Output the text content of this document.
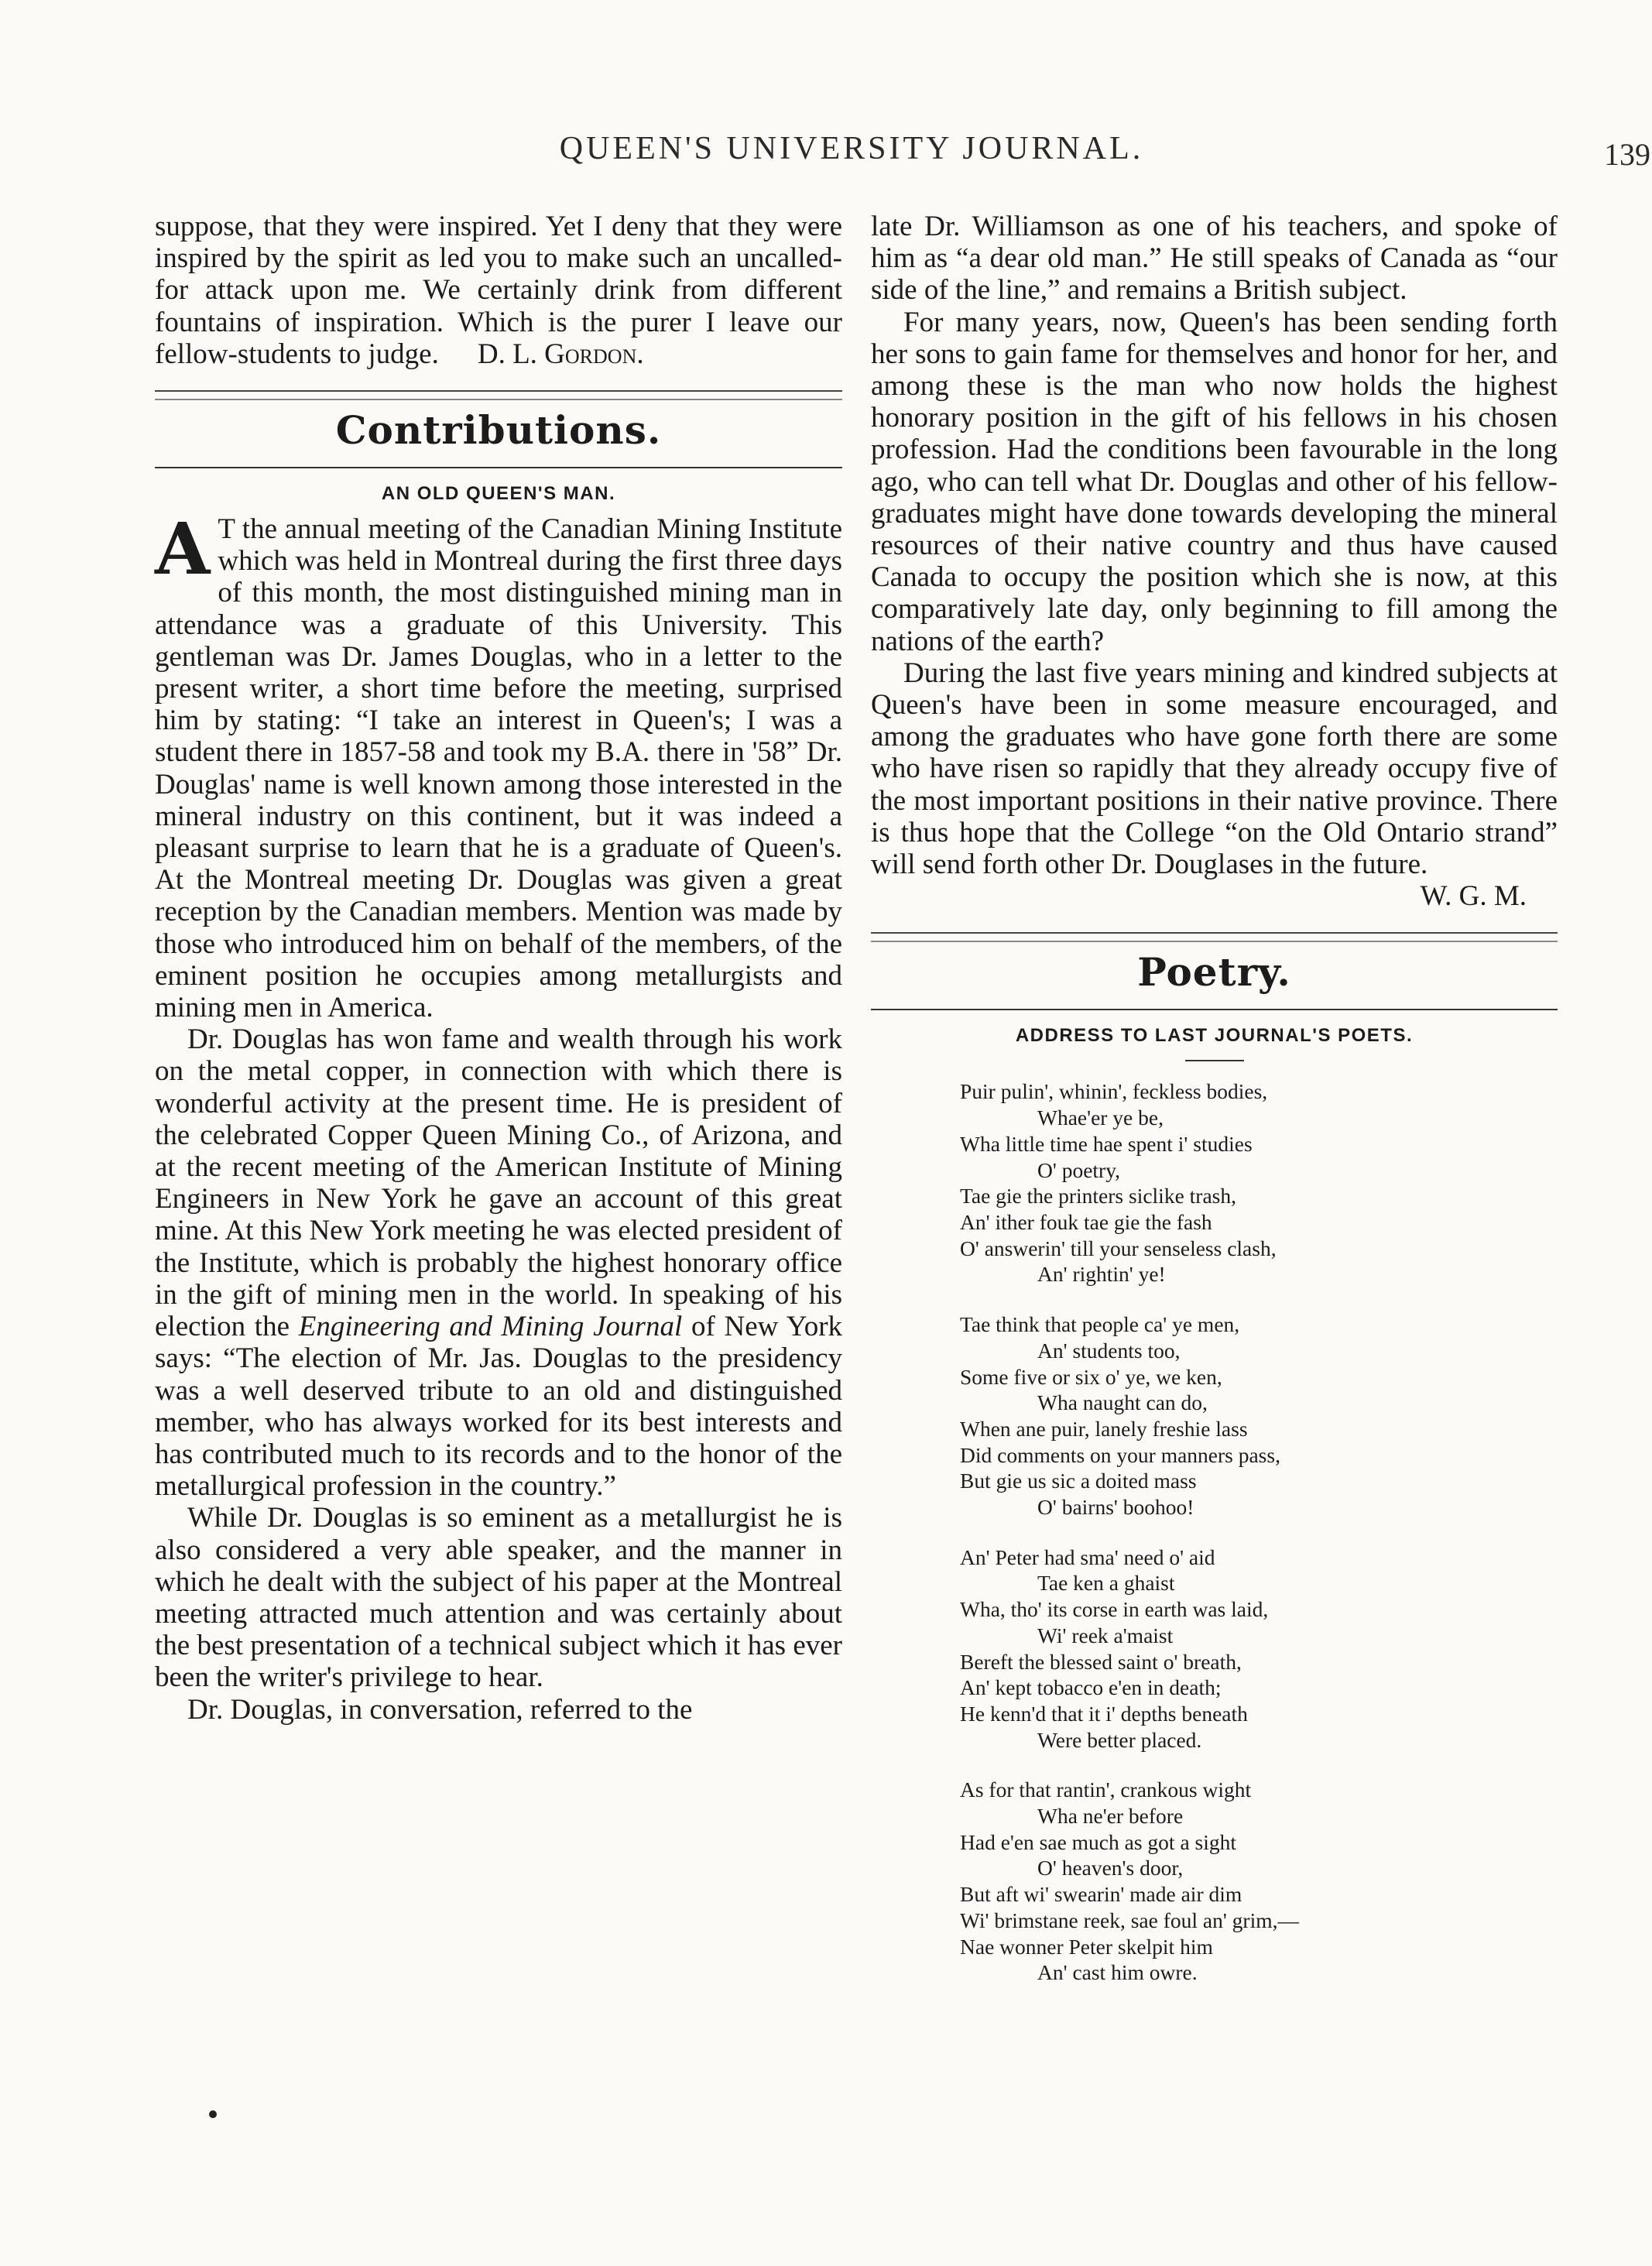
QUEEN'S UNIVERSITY JOURNAL.	139

suppose, that they were inspired. Yet I deny that they were inspired by the spirit as led you to make such an uncalled-for attack upon me. We certainly drink from different fountains of inspiration. Which is the purer I leave our fellow-students to judge. D. L. Gordon.

Contributions.
AN OLD QUEEN'S MAN.

A T the annual meeting of the Canadian Mining Institute which was held in Montreal during the first three days of this month, the most distinguished mining man in attendance was a graduate of this University. This gentleman was Dr. James Douglas, who in a letter to the present writer, a short time before the meeting, surprised him by stating: “I take an interest in Queen's; I was a student there in 1857-58 and took my B.A. there in '58” Dr. Douglas' name is well known among those interested in the mineral industry on this continent, but it was indeed a pleasant surprise to learn that he is a graduate of Queen's. At the Montreal meeting Dr. Douglas was given a great reception by the Canadian members. Mention was made by those who introduced him on behalf of the members, of the eminent position he occupies among metallurgists and mining men in America.

Dr. Douglas has won fame and wealth through his work on the metal copper, in connection with which there is wonderful activity at the present time. He is president of the celebrated Copper Queen Mining Co., of Arizona, and at the recent meeting of the American Institute of Mining Engineers in New York he gave an account of this great mine. At this New York meeting he was elected president of the Institute, which is probably the highest honorary office in the gift of mining men in the world. In speaking of his election the Engineering and Mining Journal of New York says: “The election of Mr. Jas. Douglas to the presidency was a well deserved tribute to an old and distinguished member, who has always worked for its best interests and has contributed much to its records and to the honor of the metallurgical profession in the country.”

While Dr. Douglas is so eminent as a metallurgist he is also considered a very able speaker, and the manner in which he dealt with the subject of his paper at the Montreal meeting attracted much attention and was certainly about the best presentation of a technical subject which it has ever been the writer's privilege to hear.

Dr. Douglas, in conversation, referred to the

late Dr. Williamson as one of his teachers, and spoke of him as “a dear old man.” He still speaks of Canada as “our side of the line,” and remains a British subject.

For many years, now, Queen's has been sending forth her sons to gain fame for themselves and honor for her, and among these is the man who now holds the highest honorary position in the gift of his fellows in his chosen profession. Had the conditions been favourable in the long ago, who can tell what Dr. Douglas and other of his fellow-graduates might have done towards developing the mineral resources of their native country and thus have caused Canada to occupy the position which she is now, at this comparatively late day, only beginning to fill among the nations of the earth?

During the last five years mining and kindred subjects at Queen's have been in some measure encouraged, and among the graduates who have gone forth there are some who have risen so rapidly that they already occupy five of the most important positions in their native province. There is thus hope that the College “on the Old Ontario strand” will send forth other Dr. Douglases in the future.

W. G. M.
Poetry.
ADDRESS TO LAST JOURNAL'S POETS.
Puir pulin', whinin', feckless bodies,
Whae'er ye be,
Wha little time hae spent i' studies
O' poetry,
Tae gie the printers siclike trash,
An' ither fouk tae gie the fash
O' answerin' till your senseless clash,
An' rightin' ye!
Tae think that people ca' ye men,
An' students too,
Some five or six o' ye, we ken,
Wha naught can do,
When ane puir, lanely freshie lass
Did comments on your manners pass,
But gie us sic a doited mass
O' bairns' boohoo!
An' Peter had sma' need o' aid
Tae ken a ghaist
Wha, tho' its corse in earth was laid,
Wi' reek a'maist
Bereft the blessed saint o' breath,
An' kept tobacco e'en in death;
He kenn'd that it i' depths beneath
Were better placed.
As for that rantin', crankous wight
Wha ne'er before
Had e'en sae much as got a sight
O' heaven's door,
But aft wi' swearin' made air dim
Wi' brimstane reek, sae foul an' grim,—
Nae wonner Peter skelpit him
An' cast him owre.
